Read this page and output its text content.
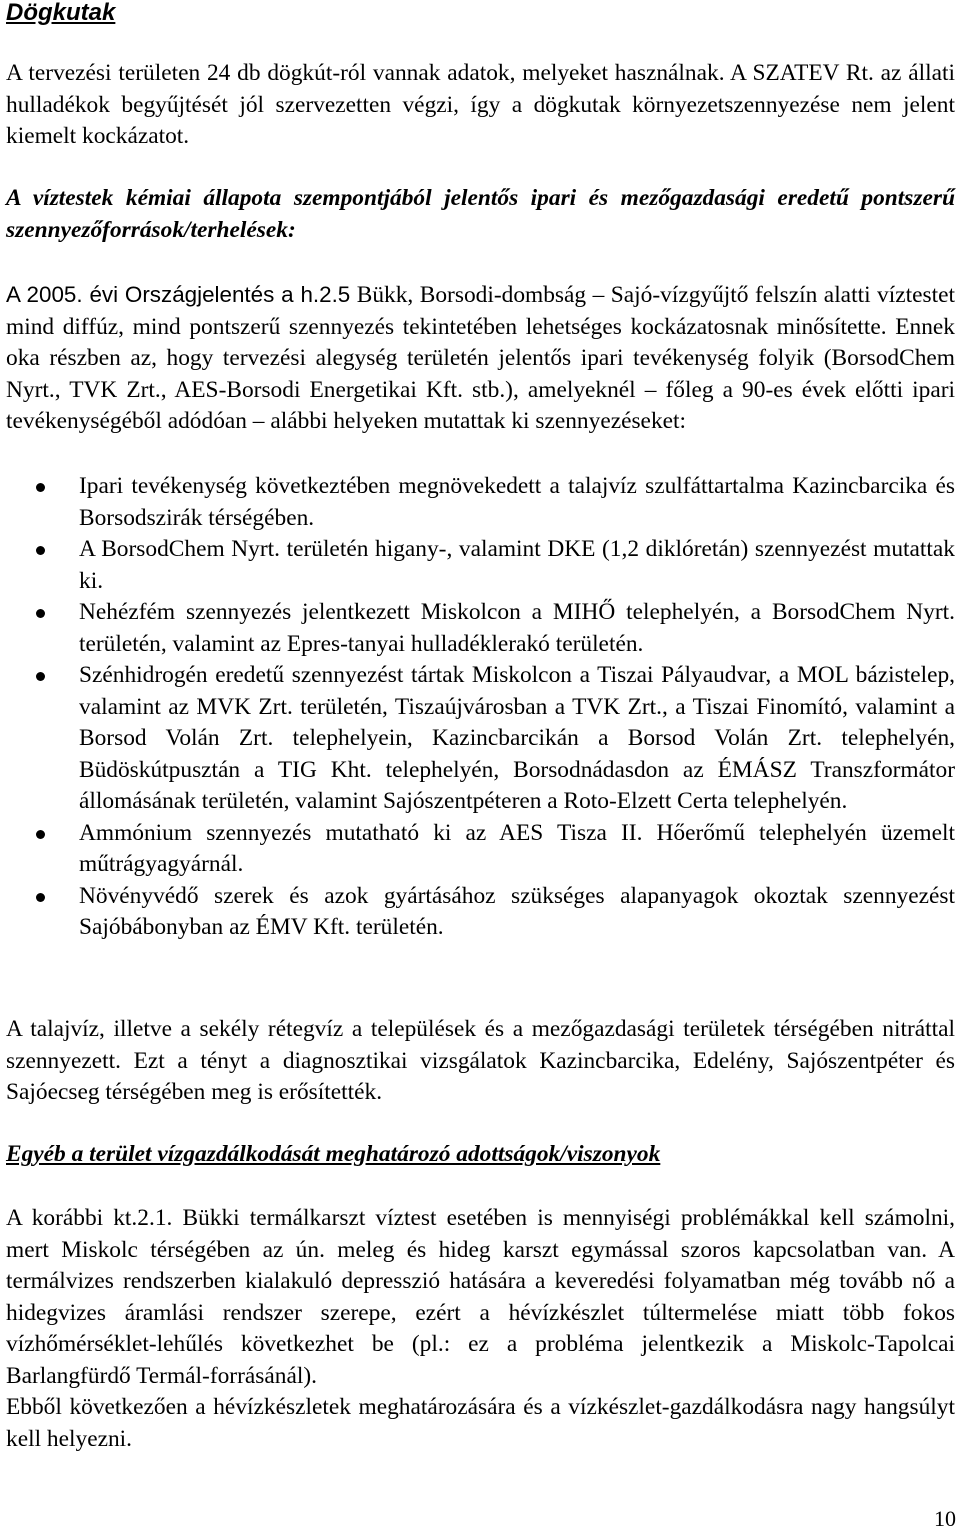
Dögkutak

A tervezési területen 24 db dögkút-ról vannak adatok, melyeket használnak. A SZATEV Rt. az állati hulladékok begyűjtését jól szervezetten végzi, így a dögkutak környezetszennyezése nem jelent kiemelt kockázatot.

A víztestek kémiai állapota szempontjából jelentős ipari és mezőgazdasági eredetű pontszerű szennyezőforrások/terhelések:

A 2005. évi Országjelentés a h.2.5 Bükk, Borsodi-dombság – Sajó-vízgyűjtő felszín alatti víztestet mind diffúz, mind pontszerű szennyezés tekintetében lehetséges kockázatosnak minősítette. Ennek oka részben az, hogy tervezési alegység területén jelentős ipari tevékenység folyik (BorsodChem Nyrt., TVK Zrt., AES-Borsodi Energetikai Kft. stb.), amelyeknél – főleg a 90-es évek előtti ipari tevékenységéből adódóan – alábbi helyeken mutattak ki szennyezéseket:

Ipari tevékenység következtében megnövekedett a talajvíz szulfáttartalma Kazincbarcika és Borsodszirák térségében.
A BorsodChem Nyrt. területén higany-, valamint DKE (1,2 diklóretán) szennyezést mutattak ki.
Nehézfém szennyezés jelentkezett Miskolcon a MIHŐ telephelyén, a BorsodChem Nyrt. területén, valamint az Epres-tanyai hulladéklerakó területén.
Szénhidrogén eredetű szennyezést tártak Miskolcon a Tiszai Pályaudvar, a MOL bázistelep, valamint az MVK Zrt. területén, Tiszaújvárosban a TVK Zrt., a Tiszai Finomító, valamint a Borsod Volán Zrt. telephelyein, Kazincbarcikán a Borsod Volán Zrt. telephelyén, Büdöskútpusztán a TIG Kht. telephelyén, Borsodnádasdon az ÉMÁSZ Transzformátor állomásának területén, valamint Sajószentpéteren a Roto-Elzett Certa telephelyén.
Ammónium szennyezés mutatható ki az AES Tisza II. Hőerőmű telephelyén üzemelt műtrágyagyárnál.
Növényvédő szerek és azok gyártásához szükséges alapanyagok okoztak szennyezést Sajóbábonyban az ÉMV Kft. területén.

A talajvíz, illetve a sekély rétegvíz a települések és a mezőgazdasági területek térségében nitráttal szennyezett. Ezt a tényt a diagnosztikai vizsgálatok Kazincbarcika, Edelény, Sajószentpéter és Sajóecseg térségében meg is erősítették.

Egyéb a terület vízgazdálkodását meghatározó adottságok/viszonyok

A korábbi kt.2.1. Bükki termálkarszt víztest esetében is mennyiségi problémákkal kell számolni, mert Miskolc térségében az ún. meleg és hideg karszt egymással szoros kapcsolatban van. A termálvizes rendszerben kialakuló depresszió hatására a keveredési folyamatban még tovább nő a hidegvizes áramlási rendszer szerepe, ezért a hévízkészlet túltermelése miatt több fokos vízhőmérséklet-lehűlés következhet be (pl.: ez a probléma jelentkezik a Miskolc-Tapolcai Barlangfürdő Termál-forrásánál).

Ebből következően a hévízkészletek meghatározására és a vízkészlet-gazdálkodásra nagy hangsúlyt kell helyezni.

10
